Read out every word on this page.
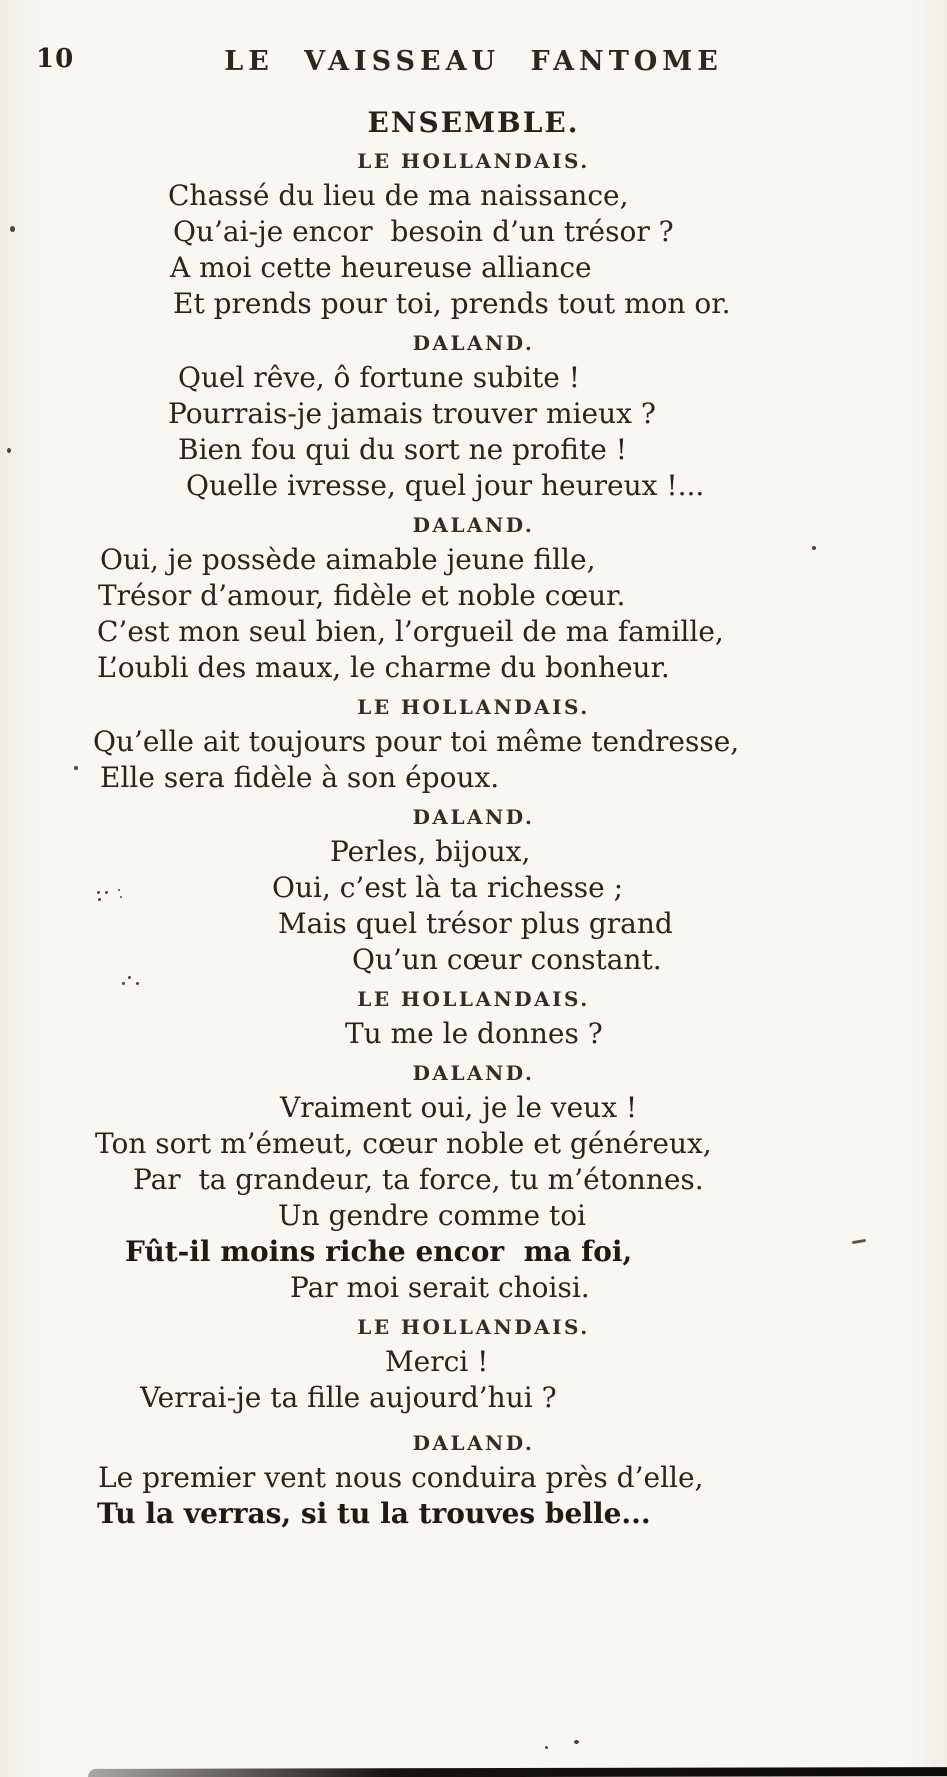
10	LE VAISSEAU FANTOME
ENSEMBLE.
LE HOLLANDAIS.
Chassé du lieu de ma naissance,
Qu’ai-je encor  besoin d’un trésor ?
A moi cette heureuse alliance
Et prends pour toi, prends tout mon or.
DALAND.
Quel rêve, ô fortune subite !
Pourrais-je jamais trouver mieux ?
Bien fou qui du sort ne profite !
Quelle ivresse, quel jour heureux !...
DALAND.
Oui, je possède aimable jeune fille,
Trésor d’amour, fidèle et noble cœur.
C’est mon seul bien, l’orgueil de ma famille,
L’oubli des maux, le charme du bonheur.
LE HOLLANDAIS.
Qu’elle ait toujours pour toi même tendresse,
Elle sera fidèle à son époux.
DALAND.
Perles, bijoux,
Oui, c’est là ta richesse ;
Mais quel trésor plus grand
Qu’un cœur constant.
LE HOLLANDAIS.
Tu me le donnes ?
DALAND.
Vraiment oui, je le veux !
Ton sort m’émeut, cœur noble et généreux,
Par  ta grandeur, ta force, tu m’étonnes.
Un gendre comme toi
Fût-il moins riche encor  ma foi,
Par moi serait choisi.
LE HOLLANDAIS.
Merci !
Verrai-je ta fille aujourd’hui ?
DALAND.
Le premier vent nous conduira près d’elle,
Tu la verras, si tu la trouves belle...
